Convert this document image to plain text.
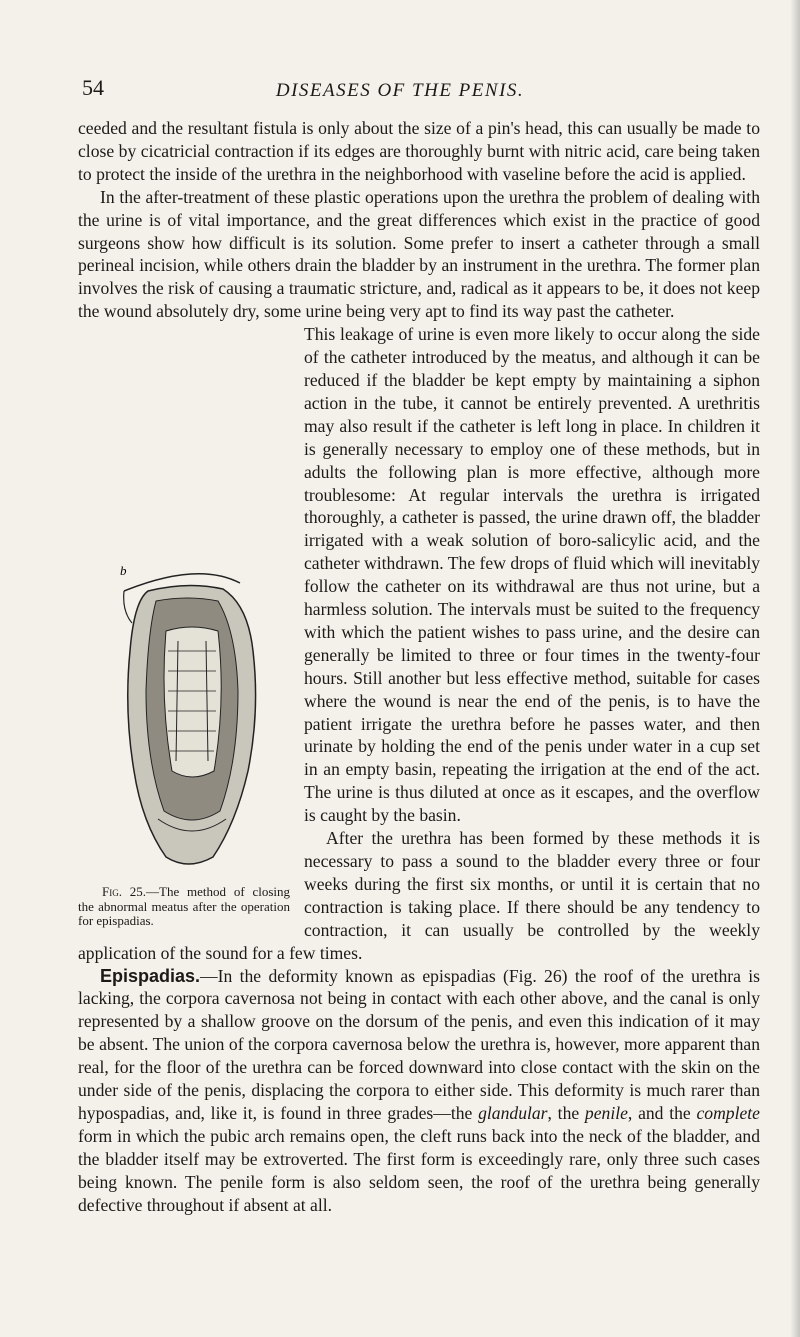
54	DISEASES OF THE PENIS.

ceeded and the resultant fistula is only about the size of a pin's head, this can usually be made to close by cicatricial contraction if its edges are thoroughly burnt with nitric acid, care being taken to protect the inside of the urethra in the neighborhood with vaseline before the acid is applied.

In the after-treatment of these plastic operations upon the urethra the problem of dealing with the urine is of vital importance, and the great differences which exist in the practice of good surgeons show how difficult is its solution. Some prefer to insert a catheter through a small perineal incision, while others drain the bladder by an instrument in the urethra. The former plan involves the risk of causing a traumatic stricture, and, radical as it appears to be, it does not keep the wound absolutely dry, some urine being very apt to find its way past the catheter.

b
Fig. 25.—The method of closing the abnormal meatus after the operation for epispadias.

This leakage of urine is even more likely to occur along the side of the catheter introduced by the meatus, and although it can be reduced if the bladder be kept empty by maintaining a siphon action in the tube, it cannot be entirely prevented. A urethritis may also result if the catheter is left long in place. In children it is generally necessary to employ one of these methods, but in adults the following plan is more effective, although more troublesome: At regular intervals the urethra is irrigated thoroughly, a catheter is passed, the urine drawn off, the bladder irrigated with a weak solution of boro-salicylic acid, and the catheter withdrawn. The few drops of fluid which will inevitably follow the catheter on its withdrawal are thus not urine, but a harmless solution. The intervals must be suited to the frequency with which the patient wishes to pass urine, and the desire can generally be limited to three or four times in the twenty-four hours. Still another but less effective method, suitable for cases where the wound is near the end of the penis, is to have the patient irrigate the urethra before he passes water, and then urinate by holding the end of the penis under water in a cup set in an empty basin, repeating the irrigation at the end of the act. The urine is thus diluted at once as it escapes, and the overflow is caught by the basin.

After the urethra has been formed by these methods it is necessary to pass a sound to the bladder every three or four weeks during the first six months, or until it is certain that no contraction is taking place. If there should be any tendency to contraction, it can usually be controlled by the weekly application of the sound for a few times.

Epispadias.—In the deformity known as epispadias (Fig. 26) the roof of the urethra is lacking, the corpora cavernosa not being in contact with each other above, and the canal is only represented by a shallow groove on the dorsum of the penis, and even this indication of it may be absent. The union of the corpora cavernosa below the urethra is, however, more apparent than real, for the floor of the urethra can be forced downward into close contact with the skin on the under side of the penis, displacing the corpora to either side. This deformity is much rarer than hypospadias, and, like it, is found in three grades—the glandular, the penile, and the complete form in which the pubic arch remains open, the cleft runs back into the neck of the bladder, and the bladder itself may be extroverted. The first form is exceedingly rare, only three such cases being known. The penile form is also seldom seen, the roof of the urethra being generally defective throughout if absent at all.
